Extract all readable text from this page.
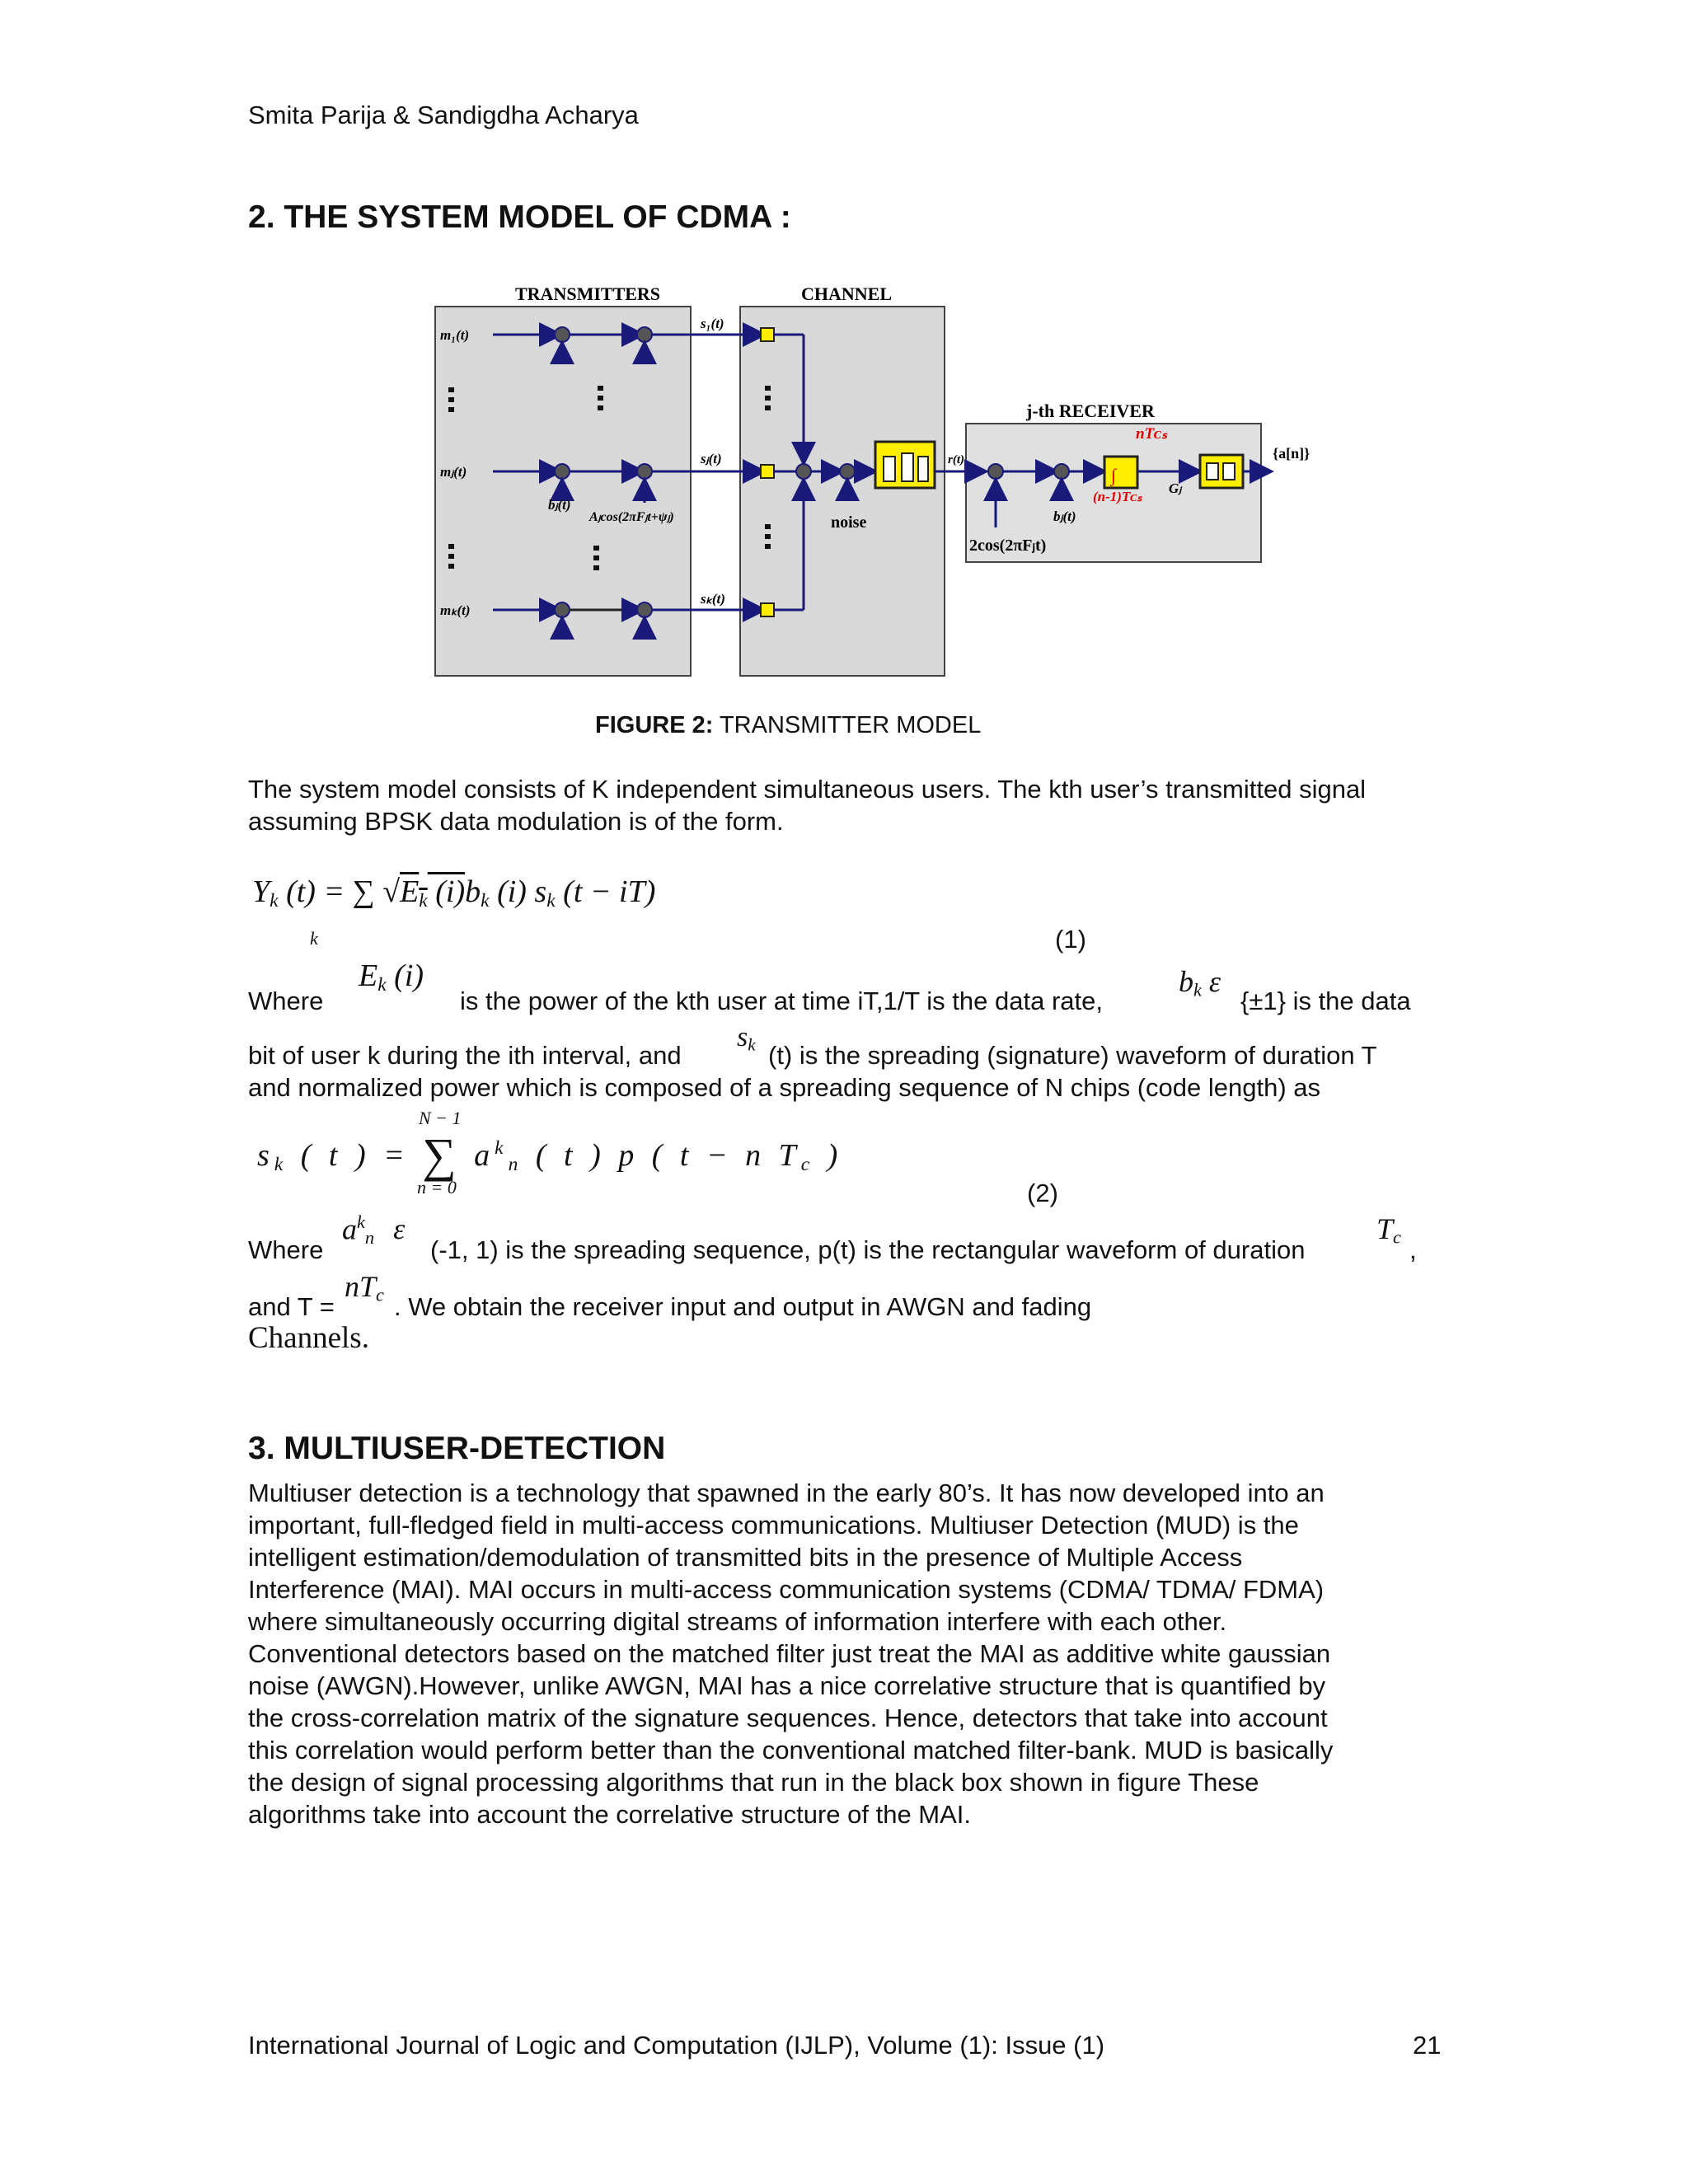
Smita Parija & Sandigdha Acharya
2. THE SYSTEM MODEL OF CDMA :
TRANSMITTERS	CHANNEL
j-th RECEIVER
m₁(t)
s₁(t)
mⱼ(t)
bⱼ(t)
Aⱼcos(2πFⱼt+ψⱼ)
sⱼ(t)
mₖ(t)
sₖ(t)
noise
r(t)
2cos(2πFⱼt)
bⱼ(t)
∫
nTᴄₛ
(n-1)Tᴄₛ
Gⱼ
{a[n]}
FIGURE 2: TRANSMITTER MODEL
The system model consists of K independent simultaneous users. The kth user’s transmitted signal assuming BPSK data modulation is of the form.
$Y_k$ (t) = ∑ $√E_k$ $(i)b_k$ (i) $s_k$ (t − iT)
k	(1)
Where
$E_k$ (i)
is the power of the kth user at time iT,1/T is the data rate,
$b_k$ ε
{±1} is the data
bit of user k during the ith interval, and
$s_k$ (t) is the spreading (signature) waveform of duration T
and normalized power which is composed of a spreading sequence of N chips (code length) as
N − 1
$s_k$ ( t ) = ∑ $a^k_n$ ( t ) p ( t − n $T_c$ )
n = 0	(2)
Where
$a^k_n$ ε
(-1, 1) is the spreading sequence, p(t) is the rectangular waveform of duration
$T_c$ ,
and T =
$nT_c$ . We obtain the receiver input and output in AWGN and fading
Channels.
3. MULTIUSER-DETECTION
Multiuser detection is a technology that spawned in the early 80’s. It has now developed into an
important, full-fledged field in multi-access communications. Multiuser Detection (MUD) is the
intelligent estimation/demodulation of transmitted bits in the presence of Multiple Access
Interference (MAI). MAI occurs in multi-access communication systems (CDMA/ TDMA/ FDMA)
where simultaneously occurring digital streams of information interfere with each other.
Conventional detectors based on the matched filter just treat the MAI as additive white gaussian
noise (AWGN).However, unlike AWGN, MAI has a nice correlative structure that is quantified by
the cross-correlation matrix of the signature sequences. Hence, detectors that take into account
this correlation would perform better than the conventional matched filter-bank. MUD is basically
the design of signal processing algorithms that run in the black box shown in figure These
algorithms take into account the correlative structure of the MAI.
International Journal of Logic and Computation (IJLP), Volume (1): Issue (1)	21
